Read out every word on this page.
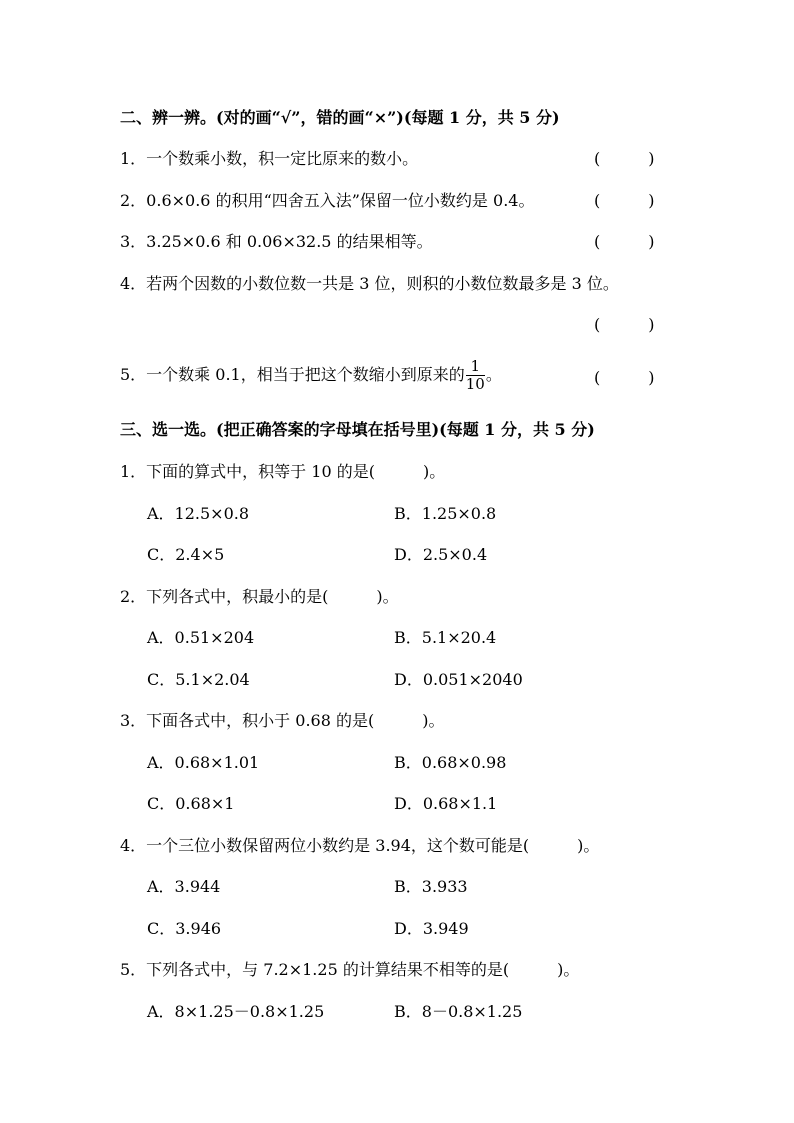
二、辨一辨。(对的画“√”，错的画“×”)(每题 1 分，共 5 分)
1．一个数乘小数，积一定比原来的数小。	(　　　)
2．0.6×0.6 的积用“四舍五入法”保留一位小数约是 0.4。	(　　　)
3．3.25×0.6 和 0.06×32.5 的结果相等。	(　　　)
4．若两个因数的小数位数一共是 3 位，则积的小数位数最多是 3 位。
(　　　)
5．一个数乘 0.1，相当于把这个数缩小到原来的 $\frac{1}{10}$ 。	(　　　)
三、选一选。(把正确答案的字母填在括号里)(每题 1 分，共 5 分)
1．下面的算式中，积等于 10 的是(　　　)。
A．12.5×0.8	B．1.25×0.8
C．2.4×5	D．2.5×0.4
2．下列各式中，积最小的是(　　　)。
A．0.51×204	B．5.1×20.4
C．5.1×2.04	D．0.051×2040
3．下面各式中，积小于 0.68 的是(　　　)。
A．0.68×1.01	B．0.68×0.98
C．0.68×1	D．0.68×1.1
4．一个三位小数保留两位小数约是 3.94，这个数可能是(　　　)。
A．3.944	B．3.933
C．3.946	D．3.949
5．下列各式中，与 7.2×1.25 的计算结果不相等的是(　　　)。
A．8×1.25－0.8×1.25	B．8－0.8×1.25
